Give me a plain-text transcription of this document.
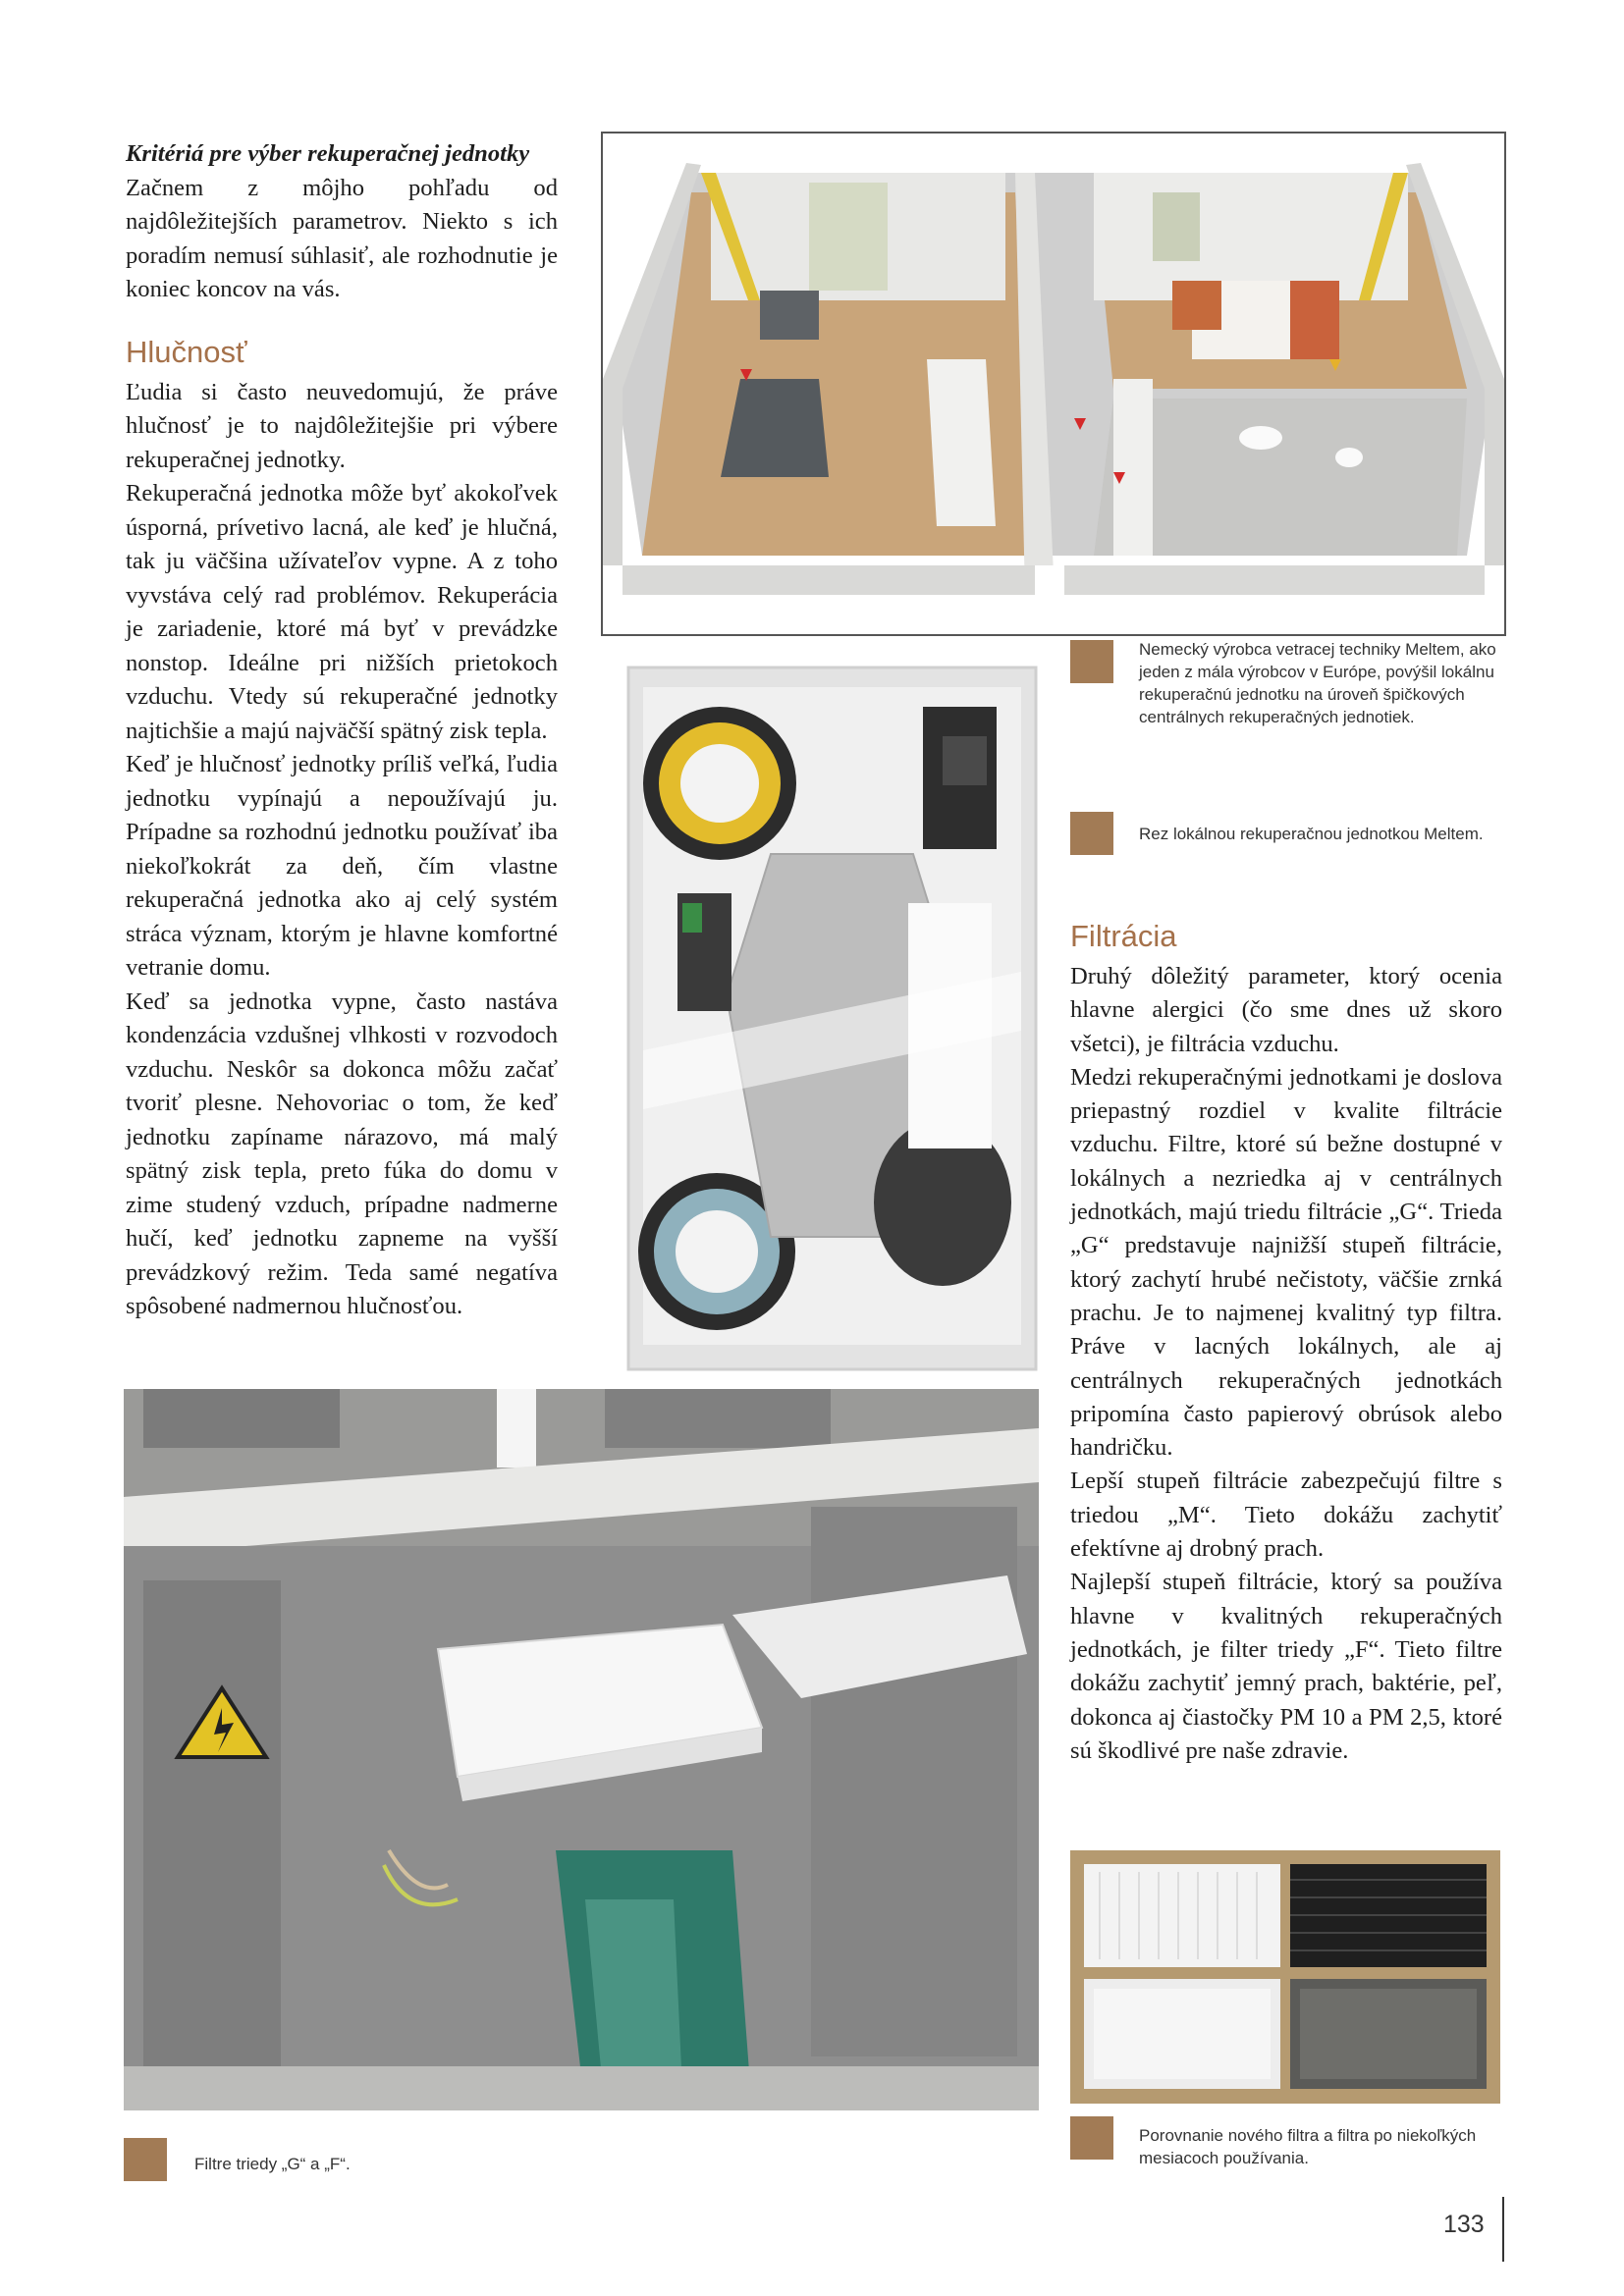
Kritériá pre výber rekuperačnej jednotky

Začnem z môjho pohľadu od najdôležitejších parametrov. Niekto s ich poradím nemusí súhlasiť, ale rozhodnutie je koniec koncov na vás.

Hlučnosť

Ľudia si často neuvedomujú, že práve hlučnosť je to najdôležitejšie pri výbere rekuperačnej jednotky.

Rekuperačná jednotka môže byť akokoľvek úsporná, prívetivo lacná, ale keď je hlučná, tak ju väčšina užívateľov vypne. A z toho vyvstáva celý rad problémov. Rekuperácia je zariadenie, ktoré má byť v prevádzke nonstop. Ideálne pri nižších prietokoch vzduchu. Vtedy sú rekuperačné jednotky najtichšie a majú najväčší spätný zisk tepla.

Keď je hlučnosť jednotky príliš veľká, ľudia jednotku vypínajú a nepoužívajú ju. Prípadne sa rozhodnú jednotku používať iba niekoľkokrát za deň, čím vlastne rekuperačná jednotka ako aj celý systém stráca význam, ktorým je hlavne komfortné vetranie domu.

Keď sa jednotka vypne, často nastáva kondenzácia vzdušnej vlhkosti v rozvodoch vzduchu. Neskôr sa dokonca môžu začať tvoriť plesne. Nehovoriac o tom, že keď jednotku zapíname nárazovo, má malý spätný zisk tepla, preto fúka do domu v zime studený vzduch, prípadne nadmerne hučí, keď jednotku zapneme na vyšší prevádzkový režim. Teda samé negatíva spôsobené nadmernou hlučnosťou.

Nemecký výrobca vetracej techniky Meltem, ako jeden z mála výrobcov v Európe, povýšil lokálnu rekuperačnú jednotku na úroveň špičkových centrálnych rekuperačných jednotiek.
Rez lokálnou rekuperačnou jednotkou Meltem.
Filtrácia

Druhý dôležitý parameter, ktorý ocenia hlavne alergici (čo sme dnes už skoro všetci), je filtrácia vzduchu.

Medzi rekuperačnými jednotkami je doslova priepastný rozdiel v kvalite filtrácie vzduchu. Filtre, ktoré sú bežne dostupné v lokálnych a nezriedka aj v centrálnych jednotkách, majú triedu filtrácie „G“. Trieda „G“ predstavuje najnižší stupeň filtrácie, ktorý zachytí hrubé nečistoty, väčšie zrnká prachu. Je to najmenej kvalitný typ filtra. Práve v lacných lokálnych, ale aj centrálnych rekuperačných jednotkách pripomína často papierový obrúsok alebo handričku.

Lepší stupeň filtrácie zabezpečujú filtre s triedou „M“. Tieto dokážu zachytiť efektívne aj drobný prach.

Najlepší stupeň filtrácie, ktorý sa používa hlavne v kvalitných rekuperačných jednotkách, je filter triedy „F“. Tieto filtre dokážu zachytiť jemný prach, baktérie, peľ, dokonca aj čiastočky PM 10 a PM 2,5, ktoré sú škodlivé pre naše zdravie.

Filtre triedy „G“ a „F“.
Porovnanie nového filtra a filtra po niekoľkých mesiacoch používania.
133
